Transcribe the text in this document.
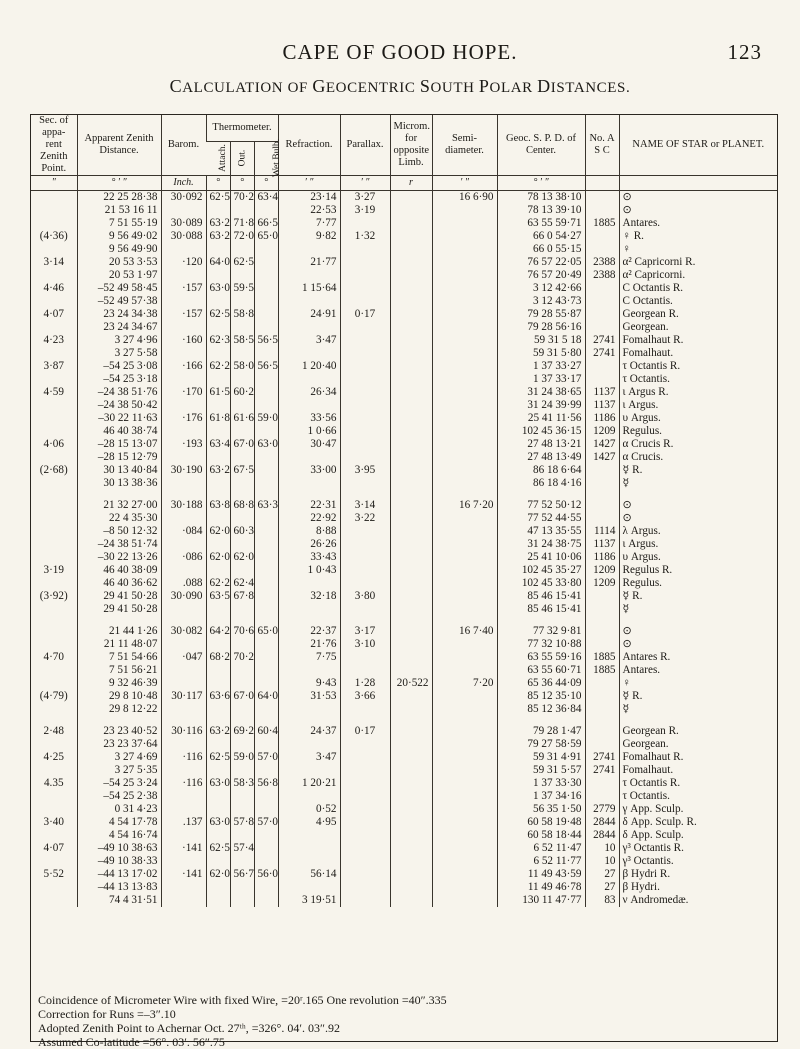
CAPE OF GOOD HOPE.	123
CALCULATION OF GEOCENTRIC SOUTH POLAR DISTANCES.
Sec. of appa-rent Zenith Point.	Apparent Zenith Distance.	Barom.	Thermometer.			Refraction.	Parallax.	Microm. for opposite Limb.	Semi-diameter.	Geoc. S. P. D. of Center.	No. A S C	NAME OF STAR or PLANET.
			Attach.	Out.	Wet Bulb.							
"	° ′ ″	Inch.	°	°	°	′ ″	′ ″	r	′ ″	° ′ ″		
	22 25 28·38	30·092	62·5	70·2	63·4	23·14	3·27		16 6·90	78 13 38·10		⊙
	21 53 16 11					22·53	3·19			78 13 39·10		⊙
	7 51 55·19	30·089	63·2	71·8	66·5	7·77				63 55 59·71	1885	Antares.
(4·36)	9 56 49·02	30·088	63·2	72·0	65·0	9·82	1·32			66 0 54·27		♀ R.
	9 56 49·90									66 0 55·15		♀
3·14	20 53 3·53	·120	64·0	62·5		21·77				76 57 22·05	2388	α² Capricorni R.
	20 53 1·97									76 57 20·49	2388	α² Capricorni.
4·46	–52 49 58·45	·157	63·0	59·5		1 15·64				3 12 42·66		C Octantis R.
	–52 49 57·38									3 12 43·73		C Octantis.
4·07	23 24 34·38	·157	62·5	58·8		24·91	0·17			79 28 55·87		Georgean R.
	23 24 34·67									79 28 56·16		Georgean.
4·23	3 27 4·96	·160	62·3	58·5	56·5	3·47				59 31 5 18	2741	Fomalhaut R.
	3 27 5·58									59 31 5·80	2741	Fomalhaut.
3·87	–54 25 3·08	·166	62·2	58·0	56·5	1 20·40				1 37 33·27		τ Octantis R.
	–54 25 3·18									1 37 33·17		τ Octantis.
4·59	–24 38 51·76	·170	61·5	60·2		26·34				31 24 38·65	1137	ι Argus R.
	–24 38 50·42									31 24 39·99	1137	ι Argus.
	–30 22 11·63	·176	61·8	61·6	59·0	33·56				25 41 11·56	1186	υ Argus.
	46 40 38·74					1 0·66				102 45 36·15	1209	Regulus.
4·06	–28 15 13·07	·193	63·4	67·0	63·0	30·47				27 48 13·21	1427	α Crucis R.
	–28 15 12·79									27 48 13·49	1427	α Crucis.
(2·68)	30 13 40·84	30·190	63·2	67·5		33·00	3·95			86 18 6·64		☿ R.
	30 13 38·36									86 18 4·16		☿

	21 32 27·00	30·188	63·8	68·8	63·3	22·31	3·14		16 7·20	77 52 50·12		⊙
	22 4 35·30					22·92	3·22			77 52 44·55		⊙
	–8 50 12·32	·084	62·0	60·3		8·88				47 13 35·55	1114	λ Argus.
	–24 38 51·74					26·26				31 24 38·75	1137	ι Argus.
	–30 22 13·26	·086	62·0	62·0		33·43				25 41 10·06	1186	υ Argus.
3·19	46 40 38·09					1 0·43				102 45 35·27	1209	Regulus R.
	46 40 36·62	.088	62·2	62·4						102 45 33·80	1209	Regulus.
(3·92)	29 41 50·28	30·090	63·5	67·8		32·18	3·80			85 46 15·41		☿ R.
	29 41 50·28									85 46 15·41		☿

	21 44 1·26	30·082	64·2	70·6	65·0	22·37	3·17		16 7·40	77 32 9·81		⊙
	21 11 48·07					21·76	3·10			77 32 10·88		⊙
4·70	7 51 54·66	·047	68·2	70·2		7·75				63 55 59·16	1885	Antares R.
	7 51 56·21									63 55 60·71	1885	Antares.
	9 32 46·39					9·43	1·28	20·522	7·20	65 36 44·09		♀
(4·79)	29 8 10·48	30·117	63·6	67·0	64·0	31·53	3·66			85 12 35·10		☿ R.
	29 8 12·22									85 12 36·84		☿

2·48	23 23 40·52	30·116	63·2	69·2	60·4	24·37	0·17			79 28 1·47		Georgean R.
	23 23 37·64									79 27 58·59		Georgean.
4·25	3 27 4·69	·116	62·5	59·0	57·0	3·47				59 31 4·91	2741	Fomalhaut R.
	3 27 5·35									59 31 5·57	2741	Fomalhaut.
4.35	–54 25 3·24	·116	63·0	58·3	56·8	1 20·21				1 37 33·30		τ Octantis R.
	–54 25 2·38									1 37 34·16		τ Octantis.
	0 31 4·23					0·52				56 35 1·50	2779	γ App. Sculp.
3·40	4 54 17·78	.137	63·0	57·8	57·0	4·95				60 58 19·48	2844	δ App. Sculp. R.
	4 54 16·74									60 58 18·44	2844	δ App. Sculp.
4·07	–49 10 38·63	·141	62·5	57·4						6 52 11·47	10	γ³ Octantis R.
	–49 10 38·33									6 52 11·77	10	γ³ Octantis.
5·52	–44 13 17·02	·141	62·0	56·7	56·0	56·14				11 49 43·59	27	β Hydri R.
	–44 13 13·83									11 49 46·78	27	β Hydri.
	74 4 31·51					3 19·51				130 11 47·77	83	ν Andromedæ.

Coincidence of Micrometer Wire with fixed Wire, =20ʳ.165 One revolution =40″.335

Correction for Runs =–3″.10

Adopted Zenith Point to Achernar Oct. 27ᵗʰ, =326°. 04′. 03″.92

Assumed Co-latitude =56°. 03′. 56″.75
